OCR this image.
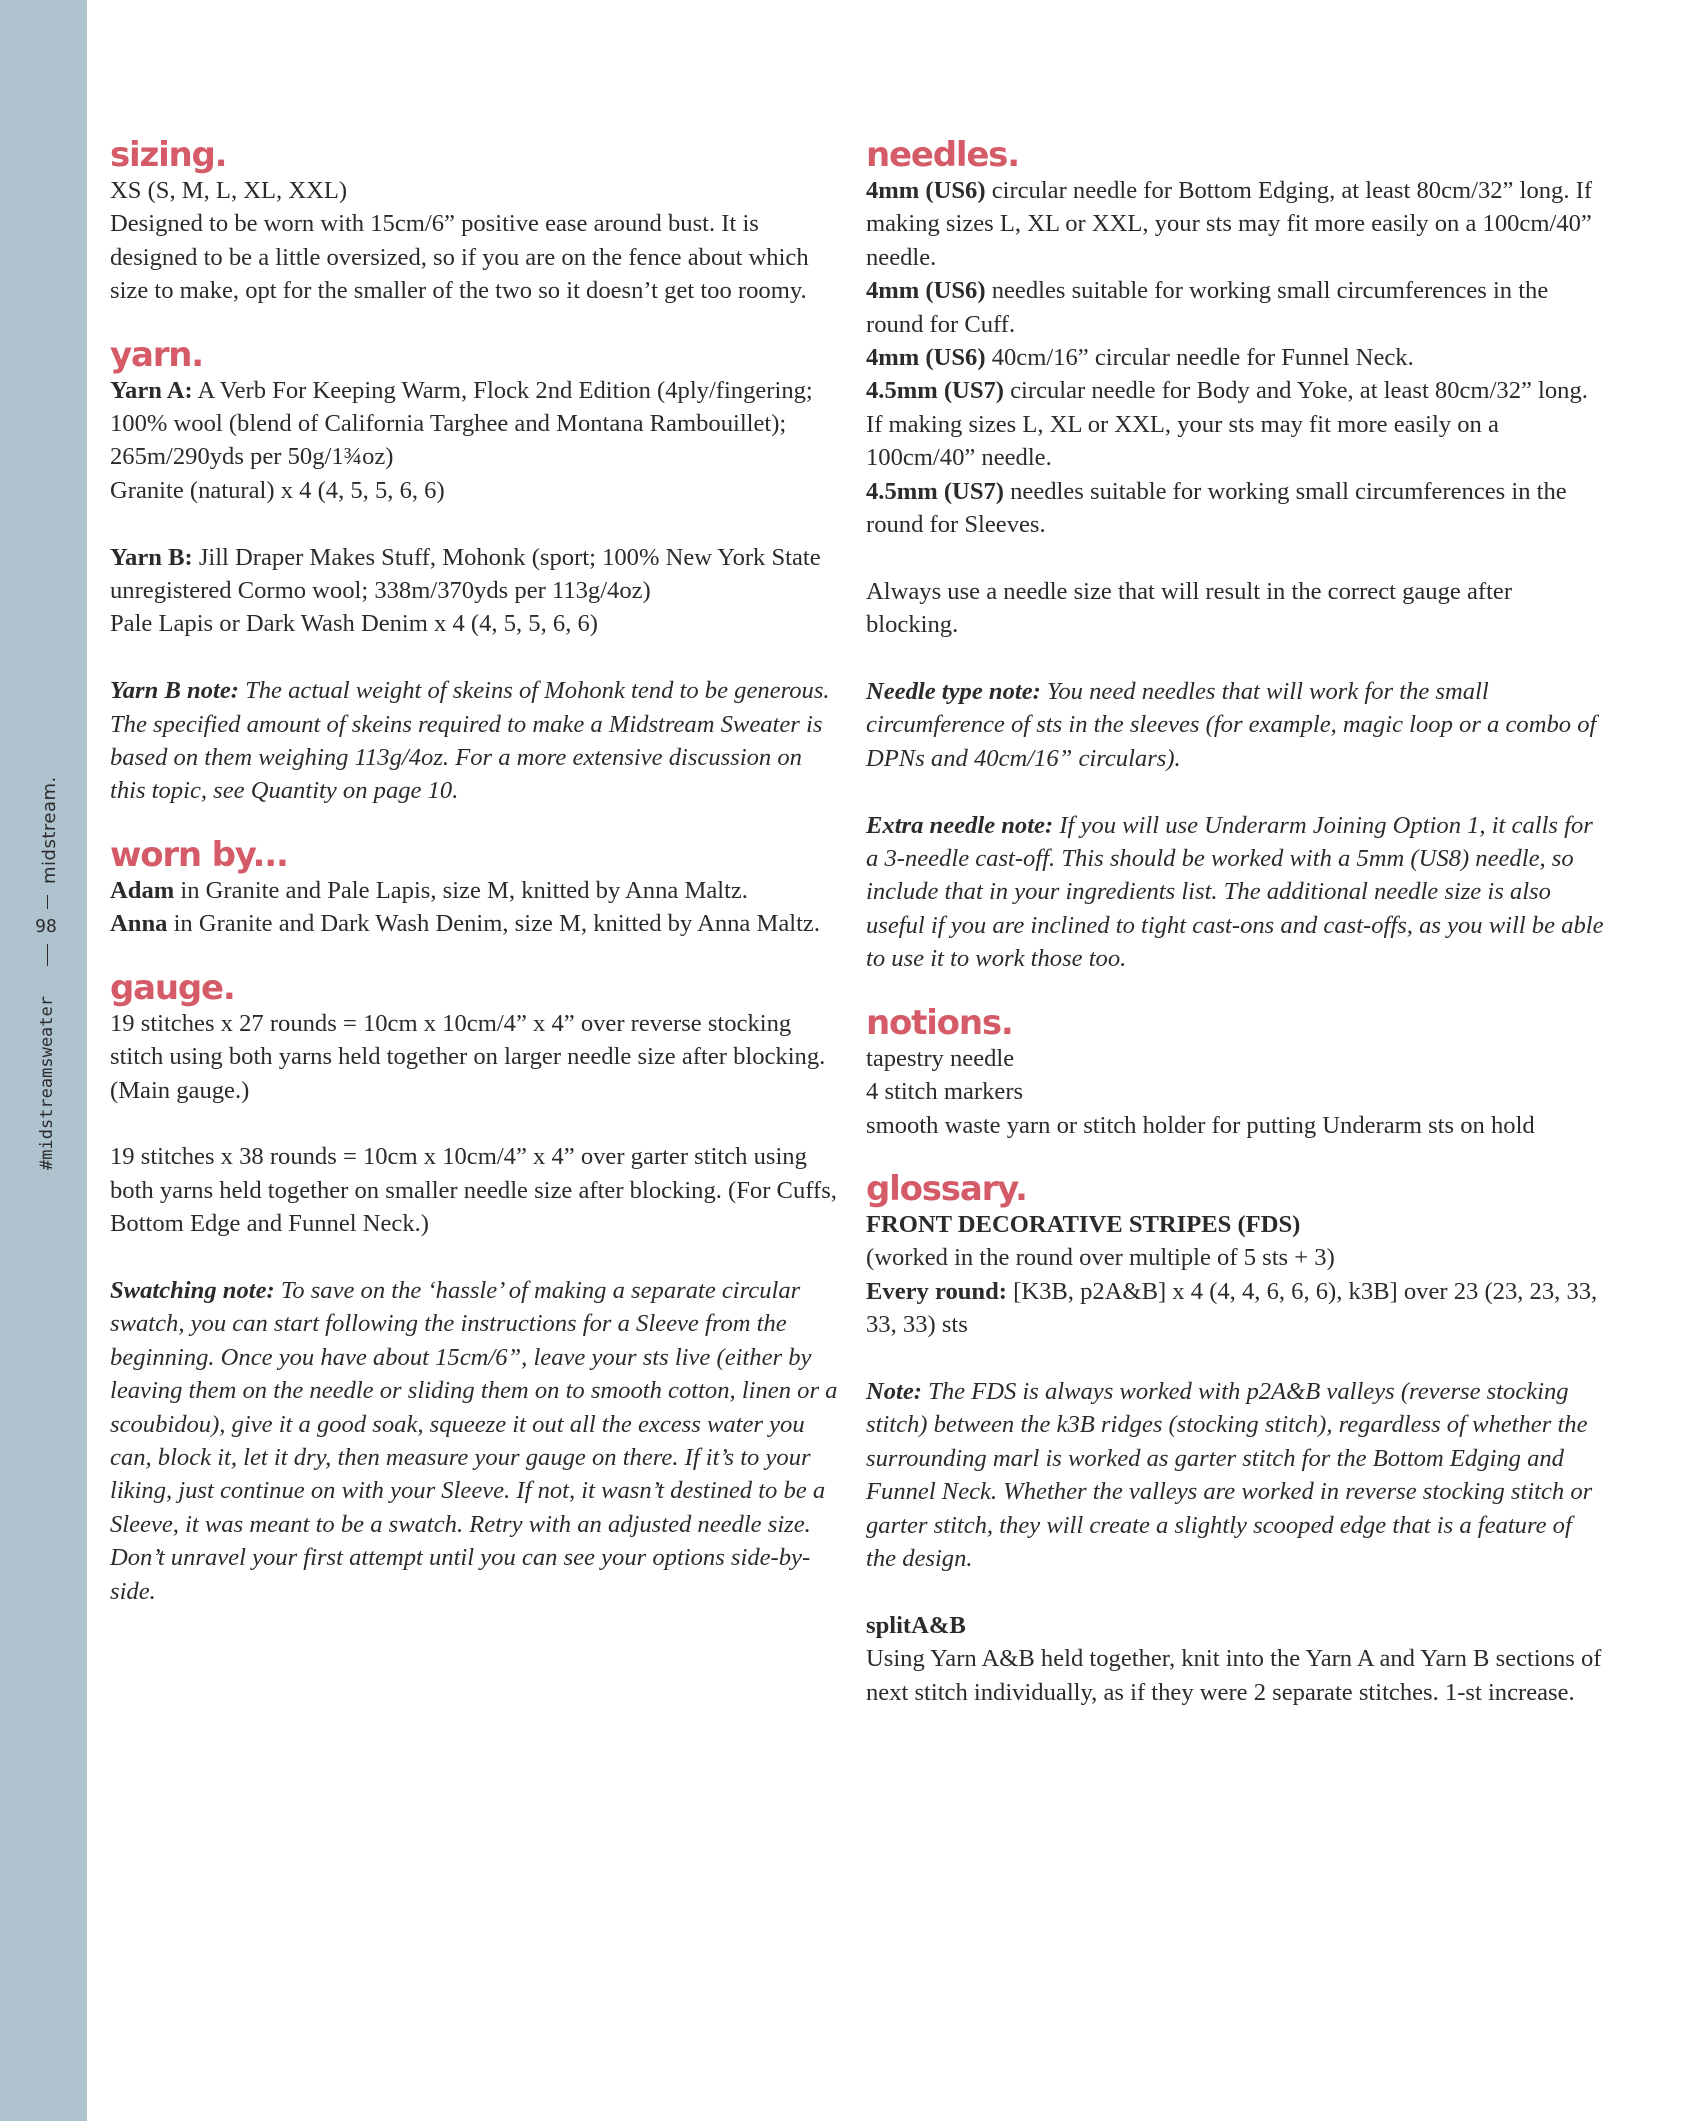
midstream.
98
#midstreamsweater
sizing.

XS (S, M, L, XL, XXL)

Designed to be worn with 15cm/6” positive ease around bust. It is designed to be a little oversized, so if you are on the fence about which size to make, opt for the smaller of the two so it doesn’t get too roomy.

yarn.

Yarn A: A Verb For Keeping Warm, Flock 2nd Edition (4ply/fingering; 100% wool (blend of California Targhee and Montana Rambouillet); 265m/290yds per 50g/1¾oz)

Granite (natural) x 4 (4, 5, 5, 6, 6)

Yarn B: Jill Draper Makes Stuff, Mohonk (sport; 100% New York State unregistered Cormo wool; 338m/370yds per 113g/4oz)

Pale Lapis or Dark Wash Denim x 4 (4, 5, 5, 6, 6)

Yarn B note: The actual weight of skeins of Mohonk tend to be generous. The specified amount of skeins required to make a Midstream Sweater is based on them weighing 113g/4oz. For a more extensive discussion on this topic, see Quantity on page 10.

worn by...

Adam in Granite and Pale Lapis, size M, knitted by Anna Maltz.

Anna in Granite and Dark Wash Denim, size M, knitted by Anna Maltz.

gauge.

19 stitches x 27 rounds = 10cm x 10cm/4” x 4” over reverse stocking stitch using both yarns held together on larger needle size after blocking. (Main gauge.)

19 stitches x 38 rounds = 10cm x 10cm/4” x 4” over garter stitch using both yarns held together on smaller needle size after blocking. (For Cuffs, Bottom Edge and Funnel Neck.)

Swatching note: To save on the ‘hassle’ of making a separate circular swatch, you can start following the instructions for a Sleeve from the beginning. Once you have about 15cm/6”, leave your sts live (either by leaving them on the needle or sliding them on to smooth cotton, linen or a scoubidou), give it a good soak, squeeze it out all the excess water you can, block it, let it dry, then measure your gauge on there. If it’s to your liking, just continue on with your Sleeve. If not, it wasn’t destined to be a Sleeve, it was meant to be a swatch. Retry with an adjusted needle size. Don’t unravel your first attempt until you can see your options side-by-side.

needles.

4mm (US6) circular needle for Bottom Edging, at least 80cm/32” long. If making sizes L, XL or XXL, your sts may fit more easily on a 100cm/40” needle.

4mm (US6) needles suitable for working small circumferences in the round for Cuff.

4mm (US6) 40cm/16” circular needle for Funnel Neck.

4.5mm (US7) circular needle for Body and Yoke, at least 80cm/32” long. If making sizes L, XL or XXL, your sts may fit more easily on a 100cm/40” needle.

4.5mm (US7) needles suitable for working small circumferences in the round for Sleeves.

Always use a needle size that will result in the correct gauge after blocking.

Needle type note: You need needles that will work for the small circumference of sts in the sleeves (for example, magic loop or a combo of DPNs and 40cm/16” circulars).

Extra needle note: If you will use Underarm Joining Option 1, it calls for a 3-needle cast-off. This should be worked with a 5mm (US8) needle, so include that in your ingredients list. The additional needle size is also useful if you are inclined to tight cast-ons and cast-offs, as you will be able to use it to work those too.

notions.

tapestry needle

4 stitch markers

smooth waste yarn or stitch holder for putting Underarm sts on hold

glossary.

FRONT DECORATIVE STRIPES (FDS)

(worked in the round over multiple of 5 sts + 3)

Every round: [K3B, p2A&B] x 4 (4, 4, 6, 6, 6), k3B] over 23 (23, 23, 33, 33, 33) sts

Note: The FDS is always worked with p2A&B valleys (reverse stocking stitch) between the k3B ridges (stocking stitch), regardless of whether the surrounding marl is worked as garter stitch for the Bottom Edging and Funnel Neck. Whether the valleys are worked in reverse stocking stitch or garter stitch, they will create a slightly scooped edge that is a feature of the design.

splitA&B

Using Yarn A&B held together, knit into the Yarn A and Yarn B sections of next stitch individually, as if they were 2 separate stitches. 1-st increase.
